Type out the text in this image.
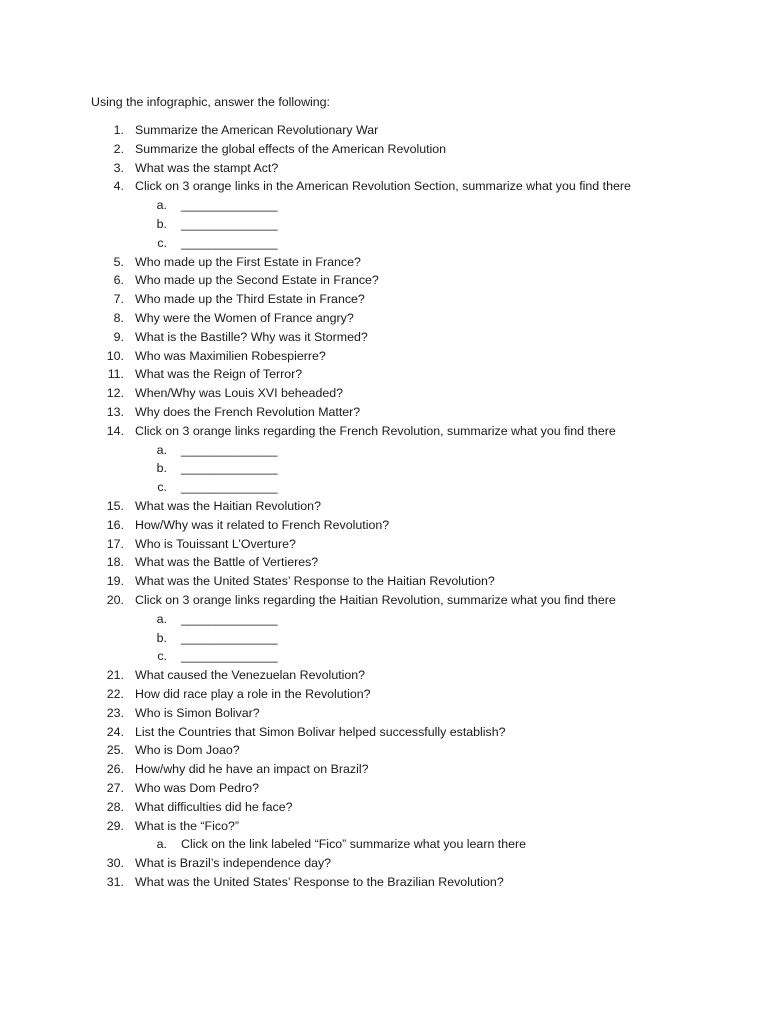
Using the infographic, answer the following:
1. Summarize the American Revolutionary War
2. Summarize the global effects of the American Revolution
3. What was the stampt Act?
4. Click on 3 orange links in the American Revolution Section, summarize what you find there
a. ______________
b. ______________
c. ______________
5. Who made up the First Estate in France?
6. Who made up the Second Estate in France?
7. Who made up the Third Estate in France?
8. Why were the Women of France angry?
9. What is the Bastille? Why was it Stormed?
10. Who was Maximilien Robespierre?
11. What was the Reign of Terror?
12. When/Why was Louis XVI beheaded?
13. Why does the French Revolution Matter?
14. Click on 3 orange links regarding the French Revolution, summarize what you find there
a. ______________
b. ______________
c. ______________
15. What was the Haitian Revolution?
16. How/Why was it related to French Revolution?
17. Who is Touissant L’Overture?
18. What was the Battle of Vertieres?
19. What was the United States’ Response to the Haitian Revolution?
20. Click on 3 orange links regarding the Haitian Revolution, summarize what you find there
a. ______________
b. ______________
c. ______________
21. What caused the Venezuelan Revolution?
22. How did race play a role in the Revolution?
23. Who is Simon Bolivar?
24. List the Countries that Simon Bolivar helped successfully establish?
25. Who is Dom Joao?
26. How/why did he have an impact on Brazil?
27. Who was Dom Pedro?
28. What difficulties did he face?
29. What is the “Fico?”
a. Click on the link labeled “Fico” summarize what you learn there
30. What is Brazil’s independence day?
31. What was the United States’ Response to the Brazilian Revolution?
